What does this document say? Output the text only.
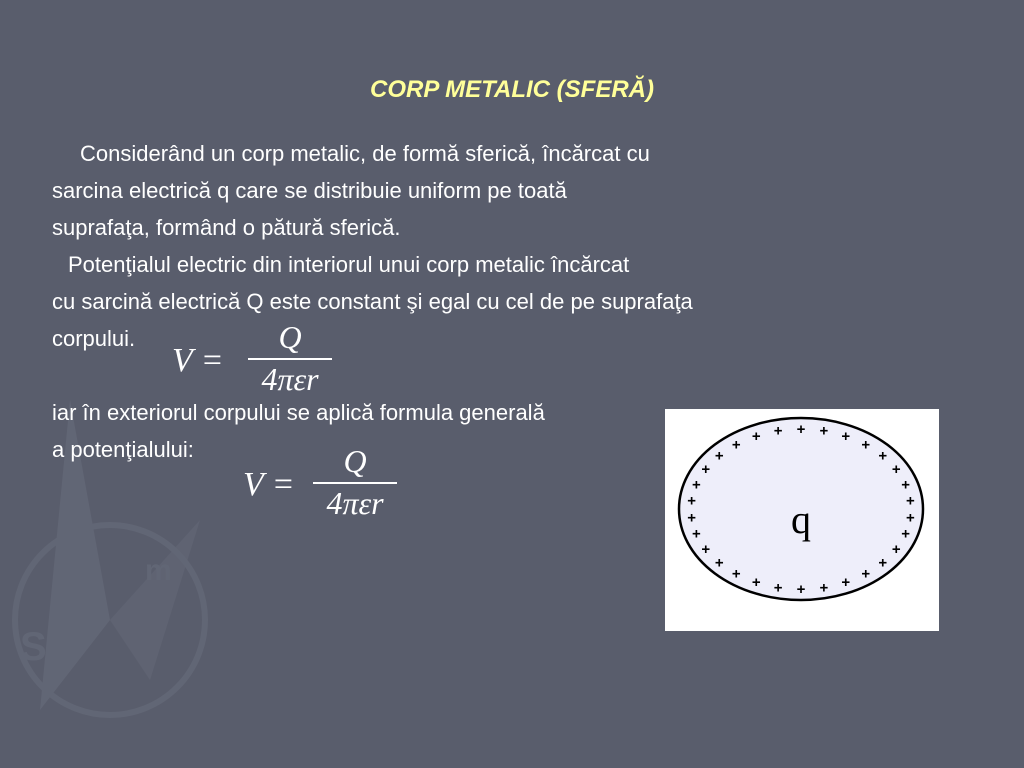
S
m
CORP METALIC (SFERĂ)
Considerând un corp metalic, de formă sferică, încărcat cu
sarcina electrică q care se distribuie uniform pe toată
suprafaţa, formând o pătură sferică.
Potenţialul electric din interiorul unui corp metalic încărcat
cu sarcină electrică Q este constant şi egal cu cel de pe suprafaţa
corpului.
V =
Q
4πεr
iar în exteriorul corpului se aplică formula generală
a potenţialului:
V =
Q
4πεr	q
+ + + +
+
+
+
+
+
+
+
+
+
+
+
+
+
+
+
+
+
+
+
+
+
+
+
+ + +
